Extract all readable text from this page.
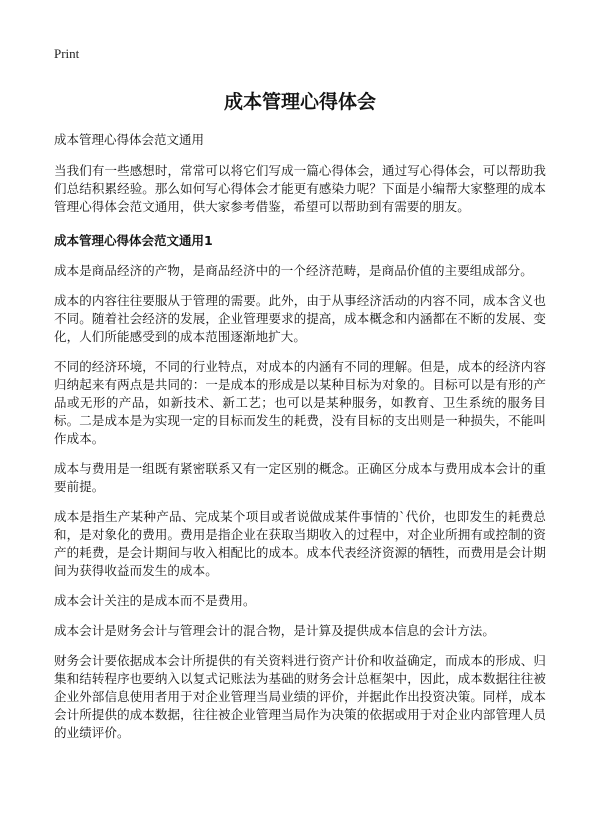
Print
成本管理心得体会
成本管理心得体会范文通用

当我们有一些感想时，常常可以将它们写成一篇心得体会，通过写心得体会，可以帮助我们总结积累经验。那么如何写心得体会才能更有感染力呢？下面是小编帮大家整理的成本管理心得体会范文通用，供大家参考借鉴，希望可以帮助到有需要的朋友。

成本管理心得体会范文通用1

成本是商品经济的产物，是商品经济中的一个经济范畴，是商品价值的主要组成部分。

成本的内容往往要服从于管理的需要。此外，由于从事经济活动的内容不同，成本含义也不同。随着社会经济的发展，企业管理要求的提高，成本概念和内涵都在不断的发展、变化，人们所能感受到的成本范围逐渐地扩大。

不同的经济环境，不同的行业特点，对成本的内涵有不同的理解。但是，成本的经济内容归纳起来有两点是共同的：一是成本的形成是以某种目标为对象的。目标可以是有形的产品或无形的产品，如新技术、新工艺；也可以是某种服务，如教育、卫生系统的服务目标。二是成本是为实现一定的目标而发生的耗费，没有目标的支出则是一种损失，不能叫作成本。

成本与费用是一组既有紧密联系又有一定区别的概念。正确区分成本与费用成本会计的重要前提。

成本是指生产某种产品、完成某个项目或者说做成某件事情的`代价，也即发生的耗费总和，是对象化的费用。费用是指企业在获取当期收入的过程中，对企业所拥有或控制的资产的耗费，是会计期间与收入相配比的成本。成本代表经济资源的牺牲，而费用是会计期间为获得收益而发生的成本。

成本会计关注的是成本而不是费用。

成本会计是财务会计与管理会计的混合物，是计算及提供成本信息的会计方法。

财务会计要依据成本会计所提供的有关资料进行资产计价和收益确定，而成本的形成、归集和结转程序也要纳入以复式记账法为基础的财务会计总框架中，因此，成本数据往往被企业外部信息使用者用于对企业管理当局业绩的评价，并据此作出投资决策。同样，成本会计所提供的成本数据，往往被企业管理当局作为决策的依据或用于对企业内部管理人员的业绩评价。
